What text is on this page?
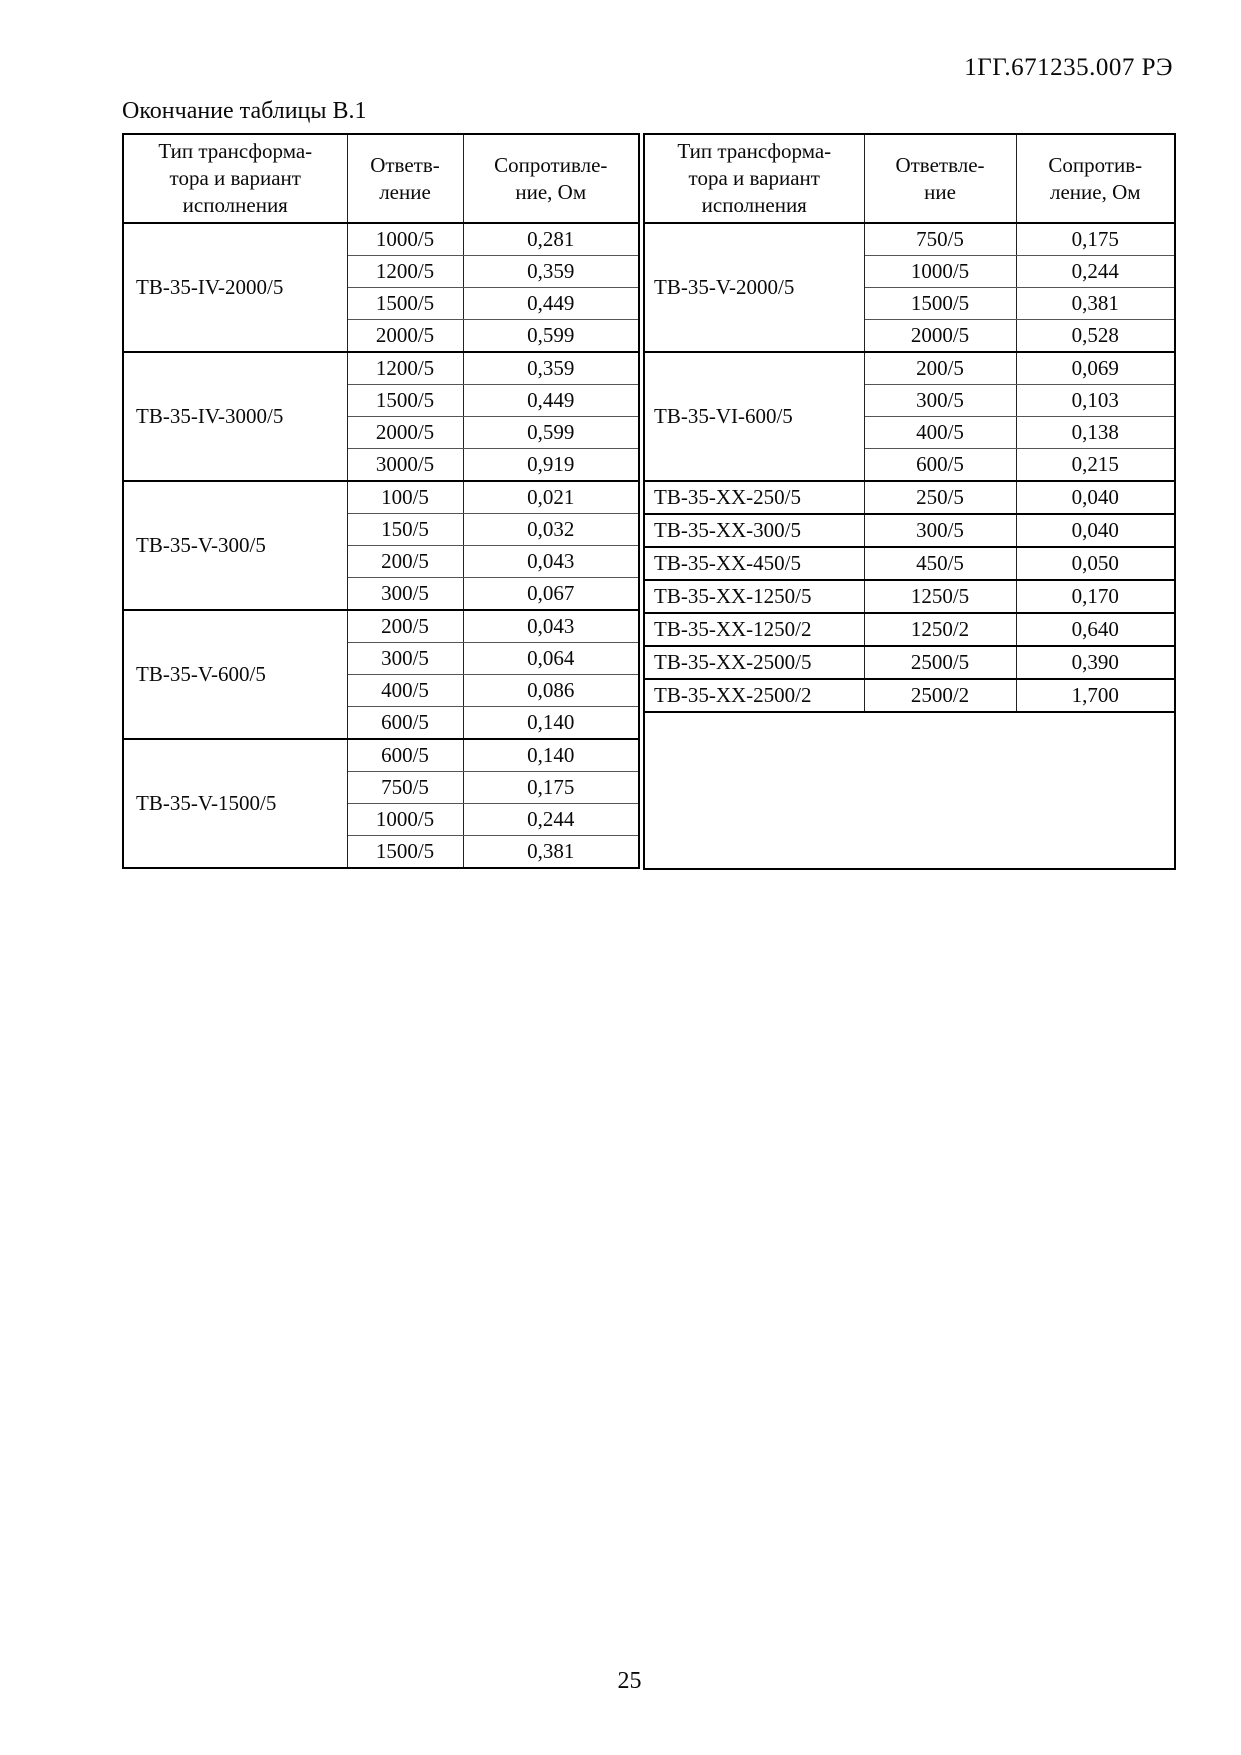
1ГГ.671235.007 РЭ
Окончание таблицы В.1
Тип трансформа-
тора и вариант
исполнения	Ответв-
ление	Сопротивле-
ние, Ом
ТВ-35-IV-2000/5	1000/5	0,281
	1200/5	0,359
	1500/5	0,449
	2000/5	0,599
ТВ-35-IV-3000/5	1200/5	0,359
	1500/5	0,449
	2000/5	0,599
	3000/5	0,919
ТВ-35-V-300/5	100/5	0,021
	150/5	0,032
	200/5	0,043
	300/5	0,067
ТВ-35-V-600/5	200/5	0,043
	300/5	0,064
	400/5	0,086
	600/5	0,140
ТВ-35-V-1500/5	600/5	0,140
	750/5	0,175
	1000/5	0,244
	1500/5	0,381
Тип трансформа-
тора и вариант
исполнения	Ответвле-
ние	Сопротив-
ление, Ом
ТВ-35-V-2000/5	750/5	0,175
	1000/5	0,244
	1500/5	0,381
	2000/5	0,528
ТВ-35-VI-600/5	200/5	0,069
	300/5	0,103
	400/5	0,138
	600/5	0,215
ТВ-35-XX-250/5	250/5	0,040
ТВ-35-XX-300/5	300/5	0,040
ТВ-35-XX-450/5	450/5	0,050
ТВ-35-XX-1250/5	1250/5	0,170
ТВ-35-XX-1250/2	1250/2	0,640
ТВ-35-XX-2500/5	2500/5	0,390
ТВ-35-XX-2500/2	2500/2	1,700

25
